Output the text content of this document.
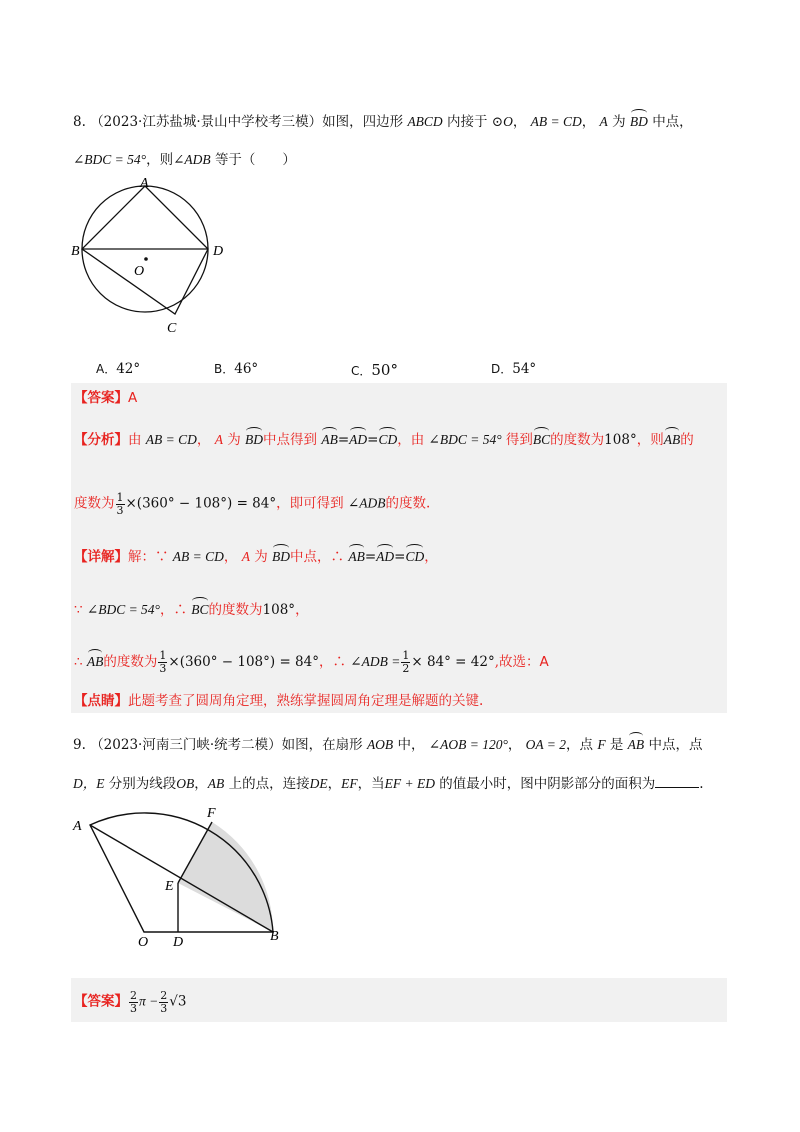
8. （2023·江苏盐城·景山中学校考三模）如图，四边形 ABCD 内接于 ⊙O， AB = CD， A 为 BD 中点，
∠BDC = 54°，则∠ADB 等于（　　）
A
B
C
D
O
A．42°	B．46°	C．50°	D．54°
【答案】A
【分析】由 AB = CD， A 为 BD中点得到 AB=AD=CD，由 ∠BDC = 54° 得到BC的度数为108°，则AB的
度数为 $\frac{1}{3} \times(360^\circ - 108^\circ) = 84^\circ$，即可得到 ∠ADB的度数.
【详解】解：∵ AB = CD， A 为 BD中点，∴ AB=AD=CD，
∵ ∠BDC = 54°，∴ BC的度数为108°，
∴ AB的度数为 $\frac{1}{3} \times(360^\circ - 108^\circ) = 84^\circ$，∴ ∠ADB = $\frac{1}{2} \times 84^\circ = 42^\circ$,故选：A
【点睛】此题考查了圆周角定理，熟练掌握圆周角定理是解题的关键.
9. （2023·河南三门峡·统考二模）如图，在扇形 AOB 中， ∠AOB = 120°， OA = 2，点 F 是 AB 中点，点
D，E 分别为线段OB，AB 上的点，连接DE，EF，当EF + ED 的值最小时，图中阴影部分的面积为	.
A
F
E
O D	B
【答案】 $\frac{2}{3}$ $\pi - \frac{2}{3} √3$
